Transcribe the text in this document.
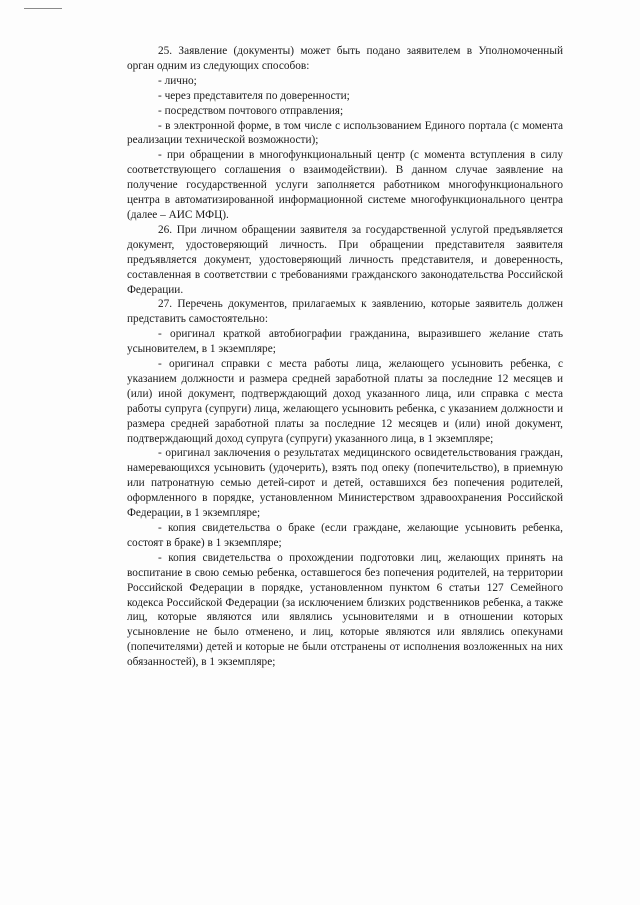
25. Заявление (документы) может быть подано заявителем в Уполномоченный орган одним из следующих способов:

- лично;

- через представителя по доверенности;

- посредством почтового отправления;

- в электронной форме, в том числе с использованием Единого портала (с момента реализации технической возможности);

- при обращении в многофункциональный центр (с момента вступления в силу соответствующего соглашения о взаимодействии). В данном случае заявление на получение государственной услуги заполняется работником многофункционального центра в автоматизированной информационной системе многофункционального центра (далее – АИС МФЦ).

26. При личном обращении заявителя за государственной услугой предъявляется документ, удостоверяющий личность. При обращении представителя заявителя предъявляется документ, удостоверяющий личность представителя, и доверенность, составленная в соответствии с требованиями гражданского законодательства Российской Федерации.

27. Перечень документов, прилагаемых к заявлению, которые заявитель должен представить самостоятельно:

- оригинал краткой автобиографии гражданина, выразившего желание стать усыновителем, в 1 экземпляре;

- оригинал справки с места работы лица, желающего усыновить ребенка, с указанием должности и размера средней заработной платы за последние 12 месяцев и (или) иной документ, подтверждающий доход указанного лица, или справка с места работы супруга (супруги) лица, желающего усыновить ребенка, с указанием должности и размера средней заработной платы за последние 12 месяцев и (или) иной документ, подтверждающий доход супруга (супруги) указанного лица, в 1 экземпляре;

- оригинал заключения о результатах медицинского освидетельствования граждан, намеревающихся усыновить (удочерить), взять под опеку (попечительство), в приемную или патронатную семью детей-сирот и детей, оставшихся без попечения родителей, оформленного в порядке, установленном Министерством здравоохранения Российской Федерации, в 1 экземпляре;

- копия свидетельства о браке (если граждане, желающие усыновить ребенка, состоят в браке) в 1 экземпляре;

- копия свидетельства о прохождении подготовки лиц, желающих принять на воспитание в свою семью ребенка, оставшегося без попечения родителей, на территории Российской Федерации в порядке, установленном пунктом 6 статьи 127 Семейного кодекса Российской Федерации (за исключением близких родственников ребенка, а также лиц, которые являются или являлись усыновителями и в отношении которых усыновление не было отменено, и лиц, которые являются или являлись опекунами (попечителями) детей и которые не были отстранены от исполнения возложенных на них обязанностей), в 1 экземпляре;
